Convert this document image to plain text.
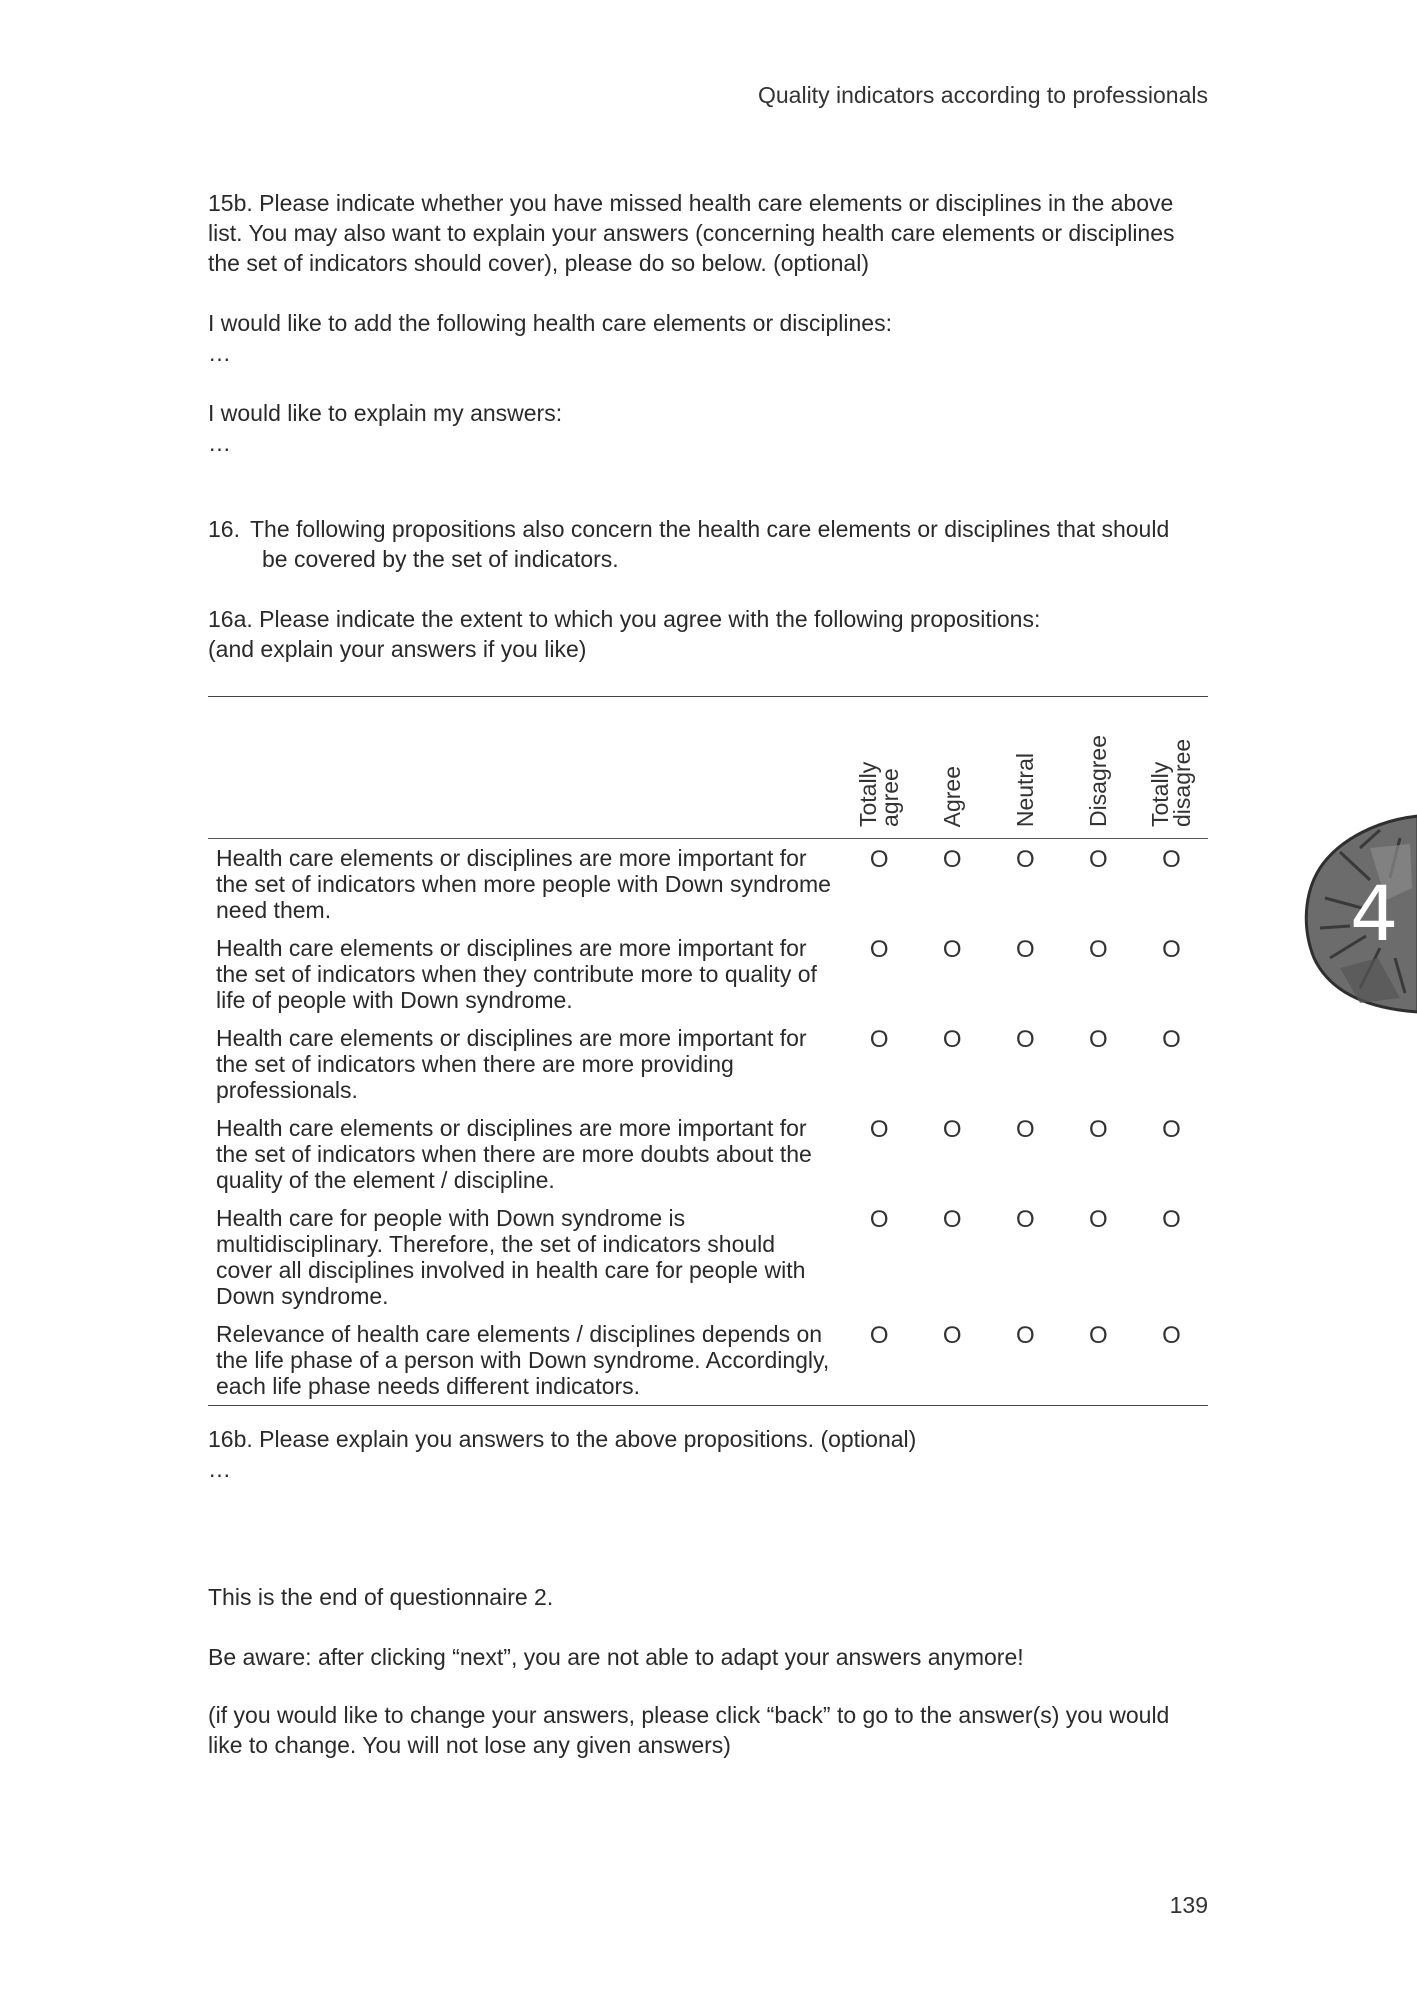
Quality indicators according to professionals

15b. Please indicate whether you have missed health care elements or disciplines in the above list. You may also want to explain your answers (concerning health care elements or disciplines the set of indicators should cover), please do so below. (optional)

I would like to add the following health care elements or disciplines:

…

I would like to explain my answers:

…

16. The following propositions also concern the health care elements or disciplines that should
be covered by the set of indicators.

16a. Please indicate the extent to which you agree with the following propositions:

(and explain your answers if you like)

	Totally agree	Agree	Neutral	Disagree	Totally disagree
Health care elements or disciplines are more important for the set of indicators when more people with Down syndrome need them.	O	O	O	O	O
Health care elements or disciplines are more important for the set of indicators when they contribute more to quality of life of people with Down syndrome.	O	O	O	O	O
Health care elements or disciplines are more important for the set of indicators when there are more providing professionals.	O	O	O	O	O
Health care elements or disciplines are more important for the set of indicators when there are more doubts about the quality of the element / discipline.	O	O	O	O	O
Health care for people with Down syndrome is multidisciplinary. Therefore, the set of indicators should cover all disciplines involved in health care for people with Down syndrome.	O	O	O	O	O
Relevance of health care elements / disciplines depends on the life phase of a person with Down syndrome. Accordingly, each life phase needs different indicators.	O	O	O	O	O

16b. Please explain you answers to the above propositions. (optional)

…

This is the end of questionnaire 2.

Be aware: after clicking “next”, you are not able to adapt your answers anymore!

(if you would like to change your answers, please click “back” to go to the answer(s) you would like to change. You will not lose any given answers)

4
139
